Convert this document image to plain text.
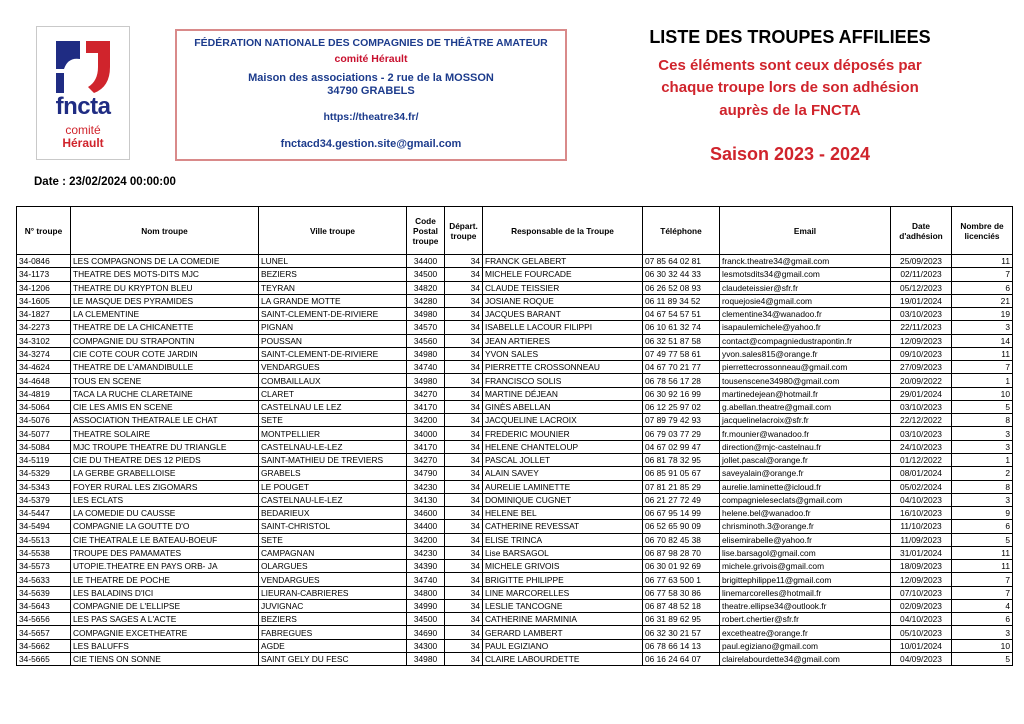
fncta
comité
Hérault
FÉDÉRATION NATIONALE DES COMPAGNIES DE THÉÂTRE AMATEUR
comité Hérault
Maison des associations - 2 rue de la MOSSON
34790 GRABELS
https://theatre34.fr/
fnctacd34.gestion.site@gmail.com
LISTE DES TROUPES AFFILIEES
Ces éléments sont ceux déposés par
chaque troupe lors de son adhésion
auprès de la FNCTA
Saison 2023 - 2024
Date : 23/02/2024 00:00:00
N° troupe	Nom troupe	Ville troupe	Code Postal troupe	Départ. troupe	Responsable de la Troupe	Téléphone	Email	Date d'adhésion	Nombre de licenciés
34-0846	LES COMPAGNONS DE LA COMEDIE	LUNEL	34400	34	FRANCK GELABERT	07 85 64 02 81	franck.theatre34@gmail.com	25/09/2023	11
34-1173	THEATRE DES MOTS-DITS MJC	BEZIERS	34500	34	MICHELE FOURCADE	06 30 32 44 33	lesmotsdits34@gmail.com	02/11/2023	7
34-1206	THEATRE DU KRYPTON BLEU	TEYRAN	34820	34	CLAUDE TEISSIER	06 26 52 08 93	claudeteissier@sfr.fr	05/12/2023	6
34-1605	LE MASQUE DES PYRAMIDES	LA GRANDE MOTTE	34280	34	JOSIANE ROQUE	06 11 89 34 52	roquejosie4@gmail.com	19/01/2024	21
34-1827	LA CLEMENTINE	SAINT-CLEMENT-DE-RIVIERE	34980	34	JACQUES BARANT	04 67 54 57 51	clementine34@wanadoo.fr	03/10/2023	19
34-2273	THEATRE DE LA CHICANETTE	PIGNAN	34570	34	ISABELLE LACOUR FILIPPI	06 10 61 32 74	isapaulemichele@yahoo.fr	22/11/2023	3
34-3102	COMPAGNIE DU STRAPONTIN	POUSSAN	34560	34	JEAN ARTIERES	06 32 51 87 58	contact@compagniedustrapontin.fr	12/09/2023	14
34-3274	CIE COTE COUR COTE JARDIN	SAINT-CLEMENT-DE-RIVIERE	34980	34	YVON SALES	07 49 77 58 61	yvon.sales815@orange.fr	09/10/2023	11
34-4624	THEATRE DE L'AMANDIBULLE	VENDARGUES	34740	34	PIERRETTE CROSSONNEAU	04 67 70 21 77	pierrettecrossonneau@gmail.com	27/09/2023	7
34-4648	TOUS EN SCENE	COMBAILLAUX	34980	34	FRANCISCO SOLIS	06 78 56 17 28	tousenscene34980@gmail.com	20/09/2022	1
34-4819	TACA LA RUCHE CLARETAINE	CLARET	34270	34	MARTINE DÉJEAN	06 30 92 16 99	martinedejean@hotmail.fr	29/01/2024	10
34-5064	CIE LES AMIS EN SCENE	CASTELNAU LE LEZ	34170	34	GINÈS ABELLAN	06 12 25 97 02	g.abellan.theatre@gmail.com	03/10/2023	5
34-5076	ASSOCIATION THEATRALE LE CHAT	SETE	34200	34	JACQUELINE LACROIX	07 89 79 42 93	jacquelinelacroix@sfr.fr	22/12/2022	8
34-5077	THEATRE SOLAIRE	MONTPELLIER	34000	34	FREDERIC MOUNIER	06 79 03 77 29	fr.mounier@wanadoo.fr	03/10/2023	3
34-5084	MJC TROUPE THEATRE DU TRIANGLE	CASTELNAU-LE-LEZ	34170	34	HELENE CHANTELOUP	04 67 02 99 47	direction@mjc-castelnau.fr	24/10/2023	3
34-5119	CIE DU THEATRE DES 12 PIEDS	SAINT-MATHIEU DE TREVIERS	34270	34	PASCAL JOLLET	06 81 78 32 95	jollet.pascal@orange.fr	01/12/2022	1
34-5329	LA GERBE GRABELLOISE	GRABELS	34790	34	ALAIN SAVEY	06 85 91 05 67	saveyalain@orange.fr	08/01/2024	2
34-5343	FOYER RURAL LES ZIGOMARS	LE POUGET	34230	34	AURELIE LAMINETTE	07 81 21 85 29	aurelie.laminette@icloud.fr	05/02/2024	8
34-5379	LES ECLATS	CASTELNAU-LE-LEZ	34130	34	DOMINIQUE CUGNET	06 21 27 72 49	compagnieleseclats@gmail.com	04/10/2023	3
34-5447	LA COMEDIE DU CAUSSE	BEDARIEUX	34600	34	HELENE BEL	06 67 95 14 99	helene.bel@wanadoo.fr	16/10/2023	9
34-5494	COMPAGNIE LA GOUTTE D'O	SAINT-CHRISTOL	34400	34	CATHERINE REVESSAT	06 52 65 90 09	chrisminoth.3@orange.fr	11/10/2023	6
34-5513	CIE THEATRALE LE BATEAU-BOEUF	SETE	34200	34	ELISE TRINCA	06 70 82 45 38	elisemirabelle@yahoo.fr	11/09/2023	5
34-5538	TROUPE DES PAMAMATES	CAMPAGNAN	34230	34	Lise BARSAGOL	06 87 98 28 70	lise.barsagol@gmail.com	31/01/2024	11
34-5573	UTOPIE.THEATRE EN PAYS ORB- JA	OLARGUES	34390	34	MICHELE GRIVOIS	06 30 01 92 69	michele.grivois@gmail.com	18/09/2023	11
34-5633	LE THEATRE DE POCHE	VENDARGUES	34740	34	BRIGITTE PHILIPPE	06 77 63 500 1	brigittephilippe11@gmail.com	12/09/2023	7
34-5639	LES BALADINS D'ICI	LIEURAN-CABRIERES	34800	34	LINE MARCORELLES	06 77 58 30 86	linemarcorelles@hotmail.fr	07/10/2023	7
34-5643	COMPAGNIE DE L'ELLIPSE	JUVIGNAC	34990	34	LESLIE TANCOGNE	06 87 48 52 18	theatre.ellipse34@outlook.fr	02/09/2023	4
34-5656	LES PAS SAGES A L'ACTE	BEZIERS	34500	34	CATHERINE MARMINIA	06 31 89 62 95	robert.chertier@sfr.fr	04/10/2023	6
34-5657	COMPAGNIE EXCETHEATRE	FABREGUES	34690	34	GERARD LAMBERT	06 32 30 21 57	excetheatre@orange.fr	05/10/2023	3
34-5662	LES BALUFFS	AGDE	34300	34	PAUL EGIZIANO	06 78 66 14 13	paul.egiziano@gmail.com	10/01/2024	10
34-5665	CIE TIENS ON SONNE	SAINT GELY DU FESC	34980	34	CLAIRE LABOURDETTE	06 16 24 64 07	clairelabourdette34@gmail.com	04/09/2023	5
